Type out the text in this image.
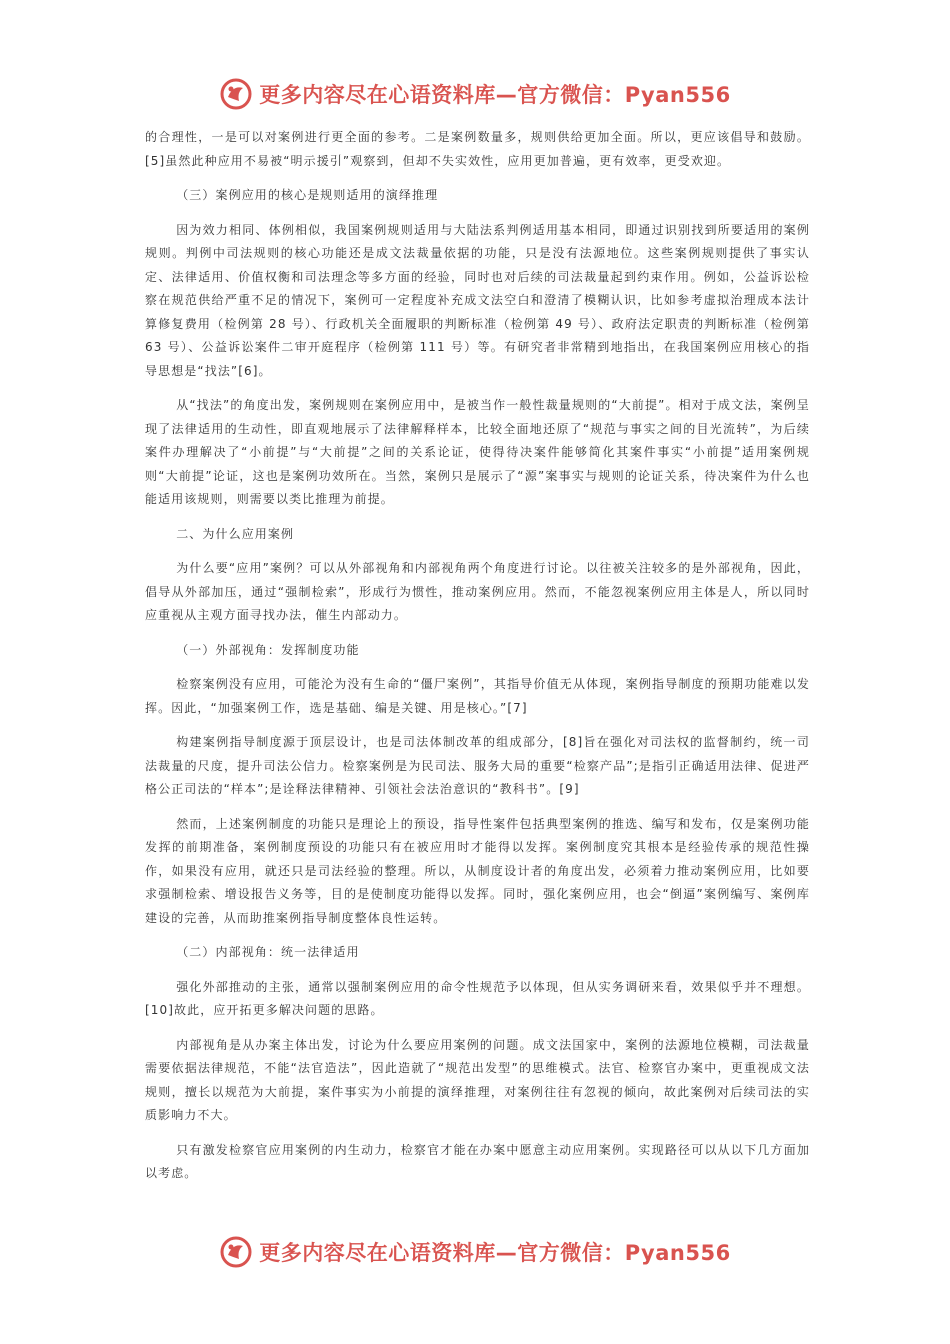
更多内容尽在心语资料库—官方微信：Pyan556

的合理性，一是可以对案例进行更全面的参考。二是案例数量多，规则供给更加全面。所以，更应该倡导和鼓励。[5]虽然此种应用不易被“明示援引”观察到，但却不失实效性，应用更加普遍，更有效率，更受欢迎。

（三）案例应用的核心是规则适用的演绎推理

因为效力相同、体例相似，我国案例规则适用与大陆法系判例适用基本相同，即通过识别找到所要适用的案例规则。判例中司法规则的核心功能还是成文法裁量依据的功能，只是没有法源地位。这些案例规则提供了事实认定、法律适用、价值权衡和司法理念等多方面的经验，同时也对后续的司法裁量起到约束作用。例如，公益诉讼检察在规范供给严重不足的情况下，案例可一定程度补充成文法空白和澄清了模糊认识，比如参考虚拟治理成本法计算修复费用（检例第 28 号）、行政机关全面履职的判断标准（检例第 49 号）、政府法定职责的判断标准（检例第 63 号）、公益诉讼案件二审开庭程序（检例第 111 号）等。有研究者非常精到地指出，在我国案例应用核心的指导思想是“找法”[6]。

从“找法”的角度出发，案例规则在案例应用中，是被当作一般性裁量规则的“大前提”。相对于成文法，案例呈现了法律适用的生动性，即直观地展示了法律解释样本，比较全面地还原了“规范与事实之间的目光流转”，为后续案件办理解决了“小前提”与“大前提”之间的关系论证，使得待决案件能够简化其案件事实“小前提”适用案例规则“大前提”论证，这也是案例功效所在。当然，案例只是展示了“源”案事实与规则的论证关系，待决案件为什么也能适用该规则，则需要以类比推理为前提。

二、为什么应用案例

为什么要“应用”案例？可以从外部视角和内部视角两个角度进行讨论。以往被关注较多的是外部视角，因此，倡导从外部加压，通过“强制检索”，形成行为惯性，推动案例应用。然而，不能忽视案例应用主体是人，所以同时应重视从主观方面寻找办法，催生内部动力。

（一）外部视角：发挥制度功能

检察案例没有应用，可能沦为没有生命的“僵尸案例”，其指导价值无从体现，案例指导制度的预期功能难以发挥。因此，“加强案例工作，选是基础、编是关键、用是核心。”[7]

构建案例指导制度源于顶层设计，也是司法体制改革的组成部分，[8]旨在强化对司法权的监督制约，统一司法裁量的尺度，提升司法公信力。检察案例是为民司法、服务大局的重要“检察产品”;是指引正确适用法律、促进严格公正司法的“样本”;是诠释法律精神、引领社会法治意识的“教科书”。[9]

然而，上述案例制度的功能只是理论上的预设，指导性案件包括典型案例的推选、编写和发布，仅是案例功能发挥的前期准备，案例制度预设的功能只有在被应用时才能得以发挥。案例制度究其根本是经验传承的规范性操作，如果没有应用，就还只是司法经验的整理。所以，从制度设计者的角度出发，必须着力推动案例应用，比如要求强制检索、增设报告义务等，目的是使制度功能得以发挥。同时，强化案例应用，也会“倒逼”案例编写、案例库建设的完善，从而助推案例指导制度整体良性运转。

（二）内部视角：统一法律适用

强化外部推动的主张，通常以强制案例应用的命令性规范予以体现，但从实务调研来看，效果似乎并不理想。[10]故此，应开拓更多解决问题的思路。

内部视角是从办案主体出发，讨论为什么要应用案例的问题。成文法国家中，案例的法源地位模糊，司法裁量需要依据法律规范，不能“法官造法”，因此造就了“规范出发型”的思维模式。法官、检察官办案中，更重视成文法规则，擅长以规范为大前提，案件事实为小前提的演绎推理，对案例往往有忽视的倾向，故此案例对后续司法的实质影响力不大。

只有激发检察官应用案例的内生动力，检察官才能在办案中愿意主动应用案例。实现路径可以从以下几方面加以考虑。

更多内容尽在心语资料库—官方微信：Pyan556
